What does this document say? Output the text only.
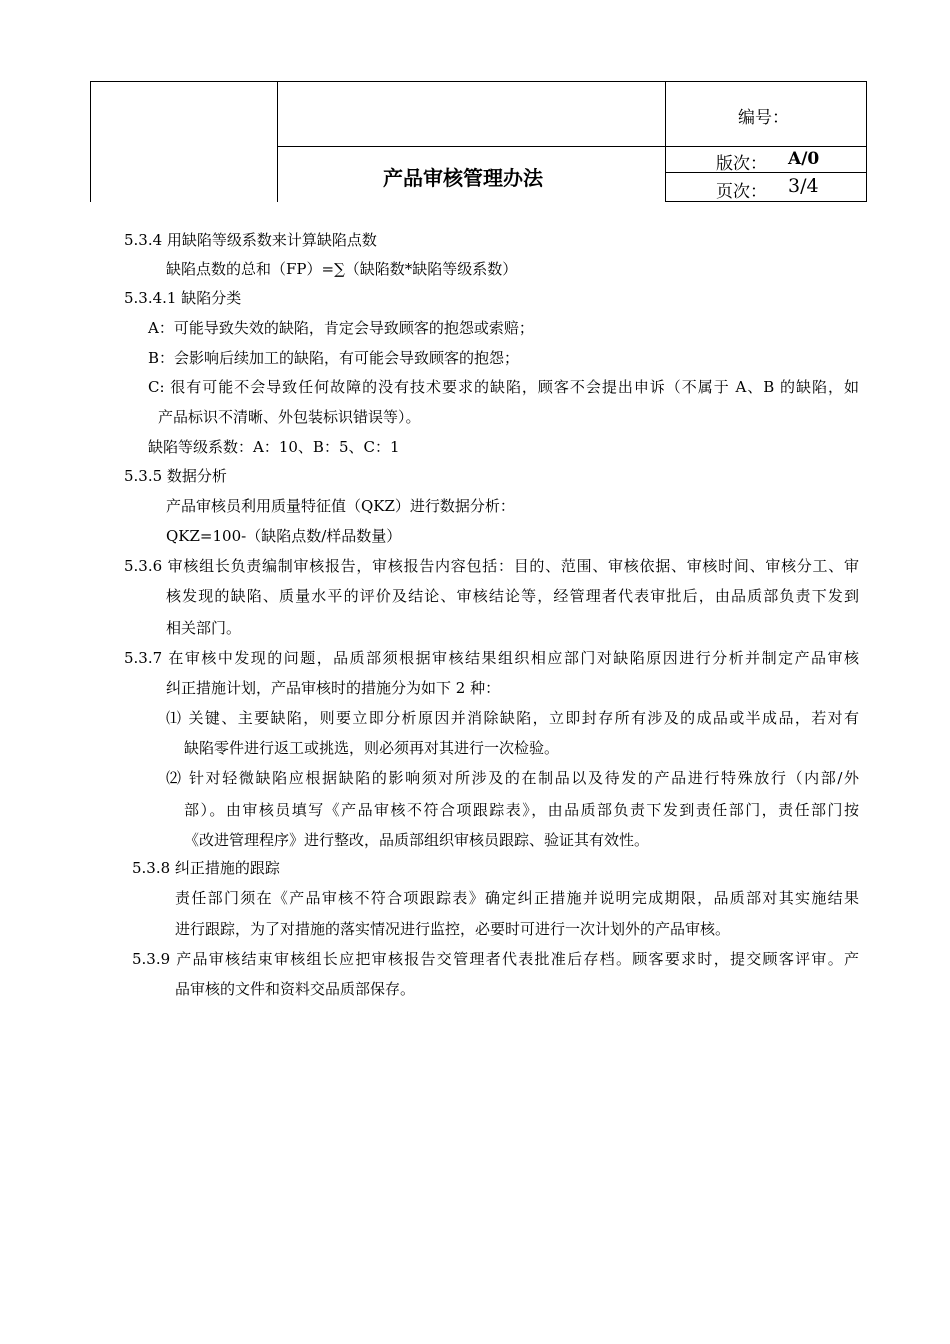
产品审核管理办法
编号：
版次： A/0
页次： 3/4
5.3.4 用缺陷等级系数来计算缺陷点数
缺陷点数的总和（FP）=∑（缺陷数*缺陷等级系数）
5.3.4.1 缺陷分类
A：可能导致失效的缺陷，肯定会导致顾客的抱怨或索赔；
B：会影响后续加工的缺陷，有可能会导致顾客的抱怨；
C: 很有可能不会导致任何故障的没有技术要求的缺陷，顾客不会提出申诉（不属于 A、B 的缺陷，如
产品标识不清晰、外包装标识错误等）。
缺陷等级系数：A：10、B：5、C：1
5.3.5 数据分析
产品审核员利用质量特征值（QKZ）进行数据分析：
QKZ=100-（缺陷点数/样品数量）
5.3.6 审核组长负责编制审核报告，审核报告内容包括：目的、范围、审核依据、审核时间、审核分工、审
核发现的缺陷、质量水平的评价及结论、审核结论等，经管理者代表审批后，由品质部负责下发到
相关部门。
5.3.7 在审核中发现的问题，品质部须根据审核结果组织相应部门对缺陷原因进行分析并制定产品审核
纠正措施计划，产品审核时的措施分为如下 2 种：
⑴ 关键、主要缺陷，则要立即分析原因并消除缺陷，立即封存所有涉及的成品或半成品，若对有
缺陷零件进行返工或挑选，则必须再对其进行一次检验。
⑵ 针对轻微缺陷应根据缺陷的影响须对所涉及的在制品以及待发的产品进行特殊放行（内部/外
部）。由审核员填写《产品审核不符合项跟踪表》，由品质部负责下发到责任部门，责任部门按
《改进管理程序》进行整改，品质部组织审核员跟踪、验证其有效性。
5.3.8 纠正措施的跟踪
责任部门须在《产品审核不符合项跟踪表》确定纠正措施并说明完成期限，品质部对其实施结果
进行跟踪，为了对措施的落实情况进行监控，必要时可进行一次计划外的产品审核。
5.3.9 产品审核结束审核组长应把审核报告交管理者代表批准后存档。顾客要求时，提交顾客评审。产
品审核的文件和资料交品质部保存。
